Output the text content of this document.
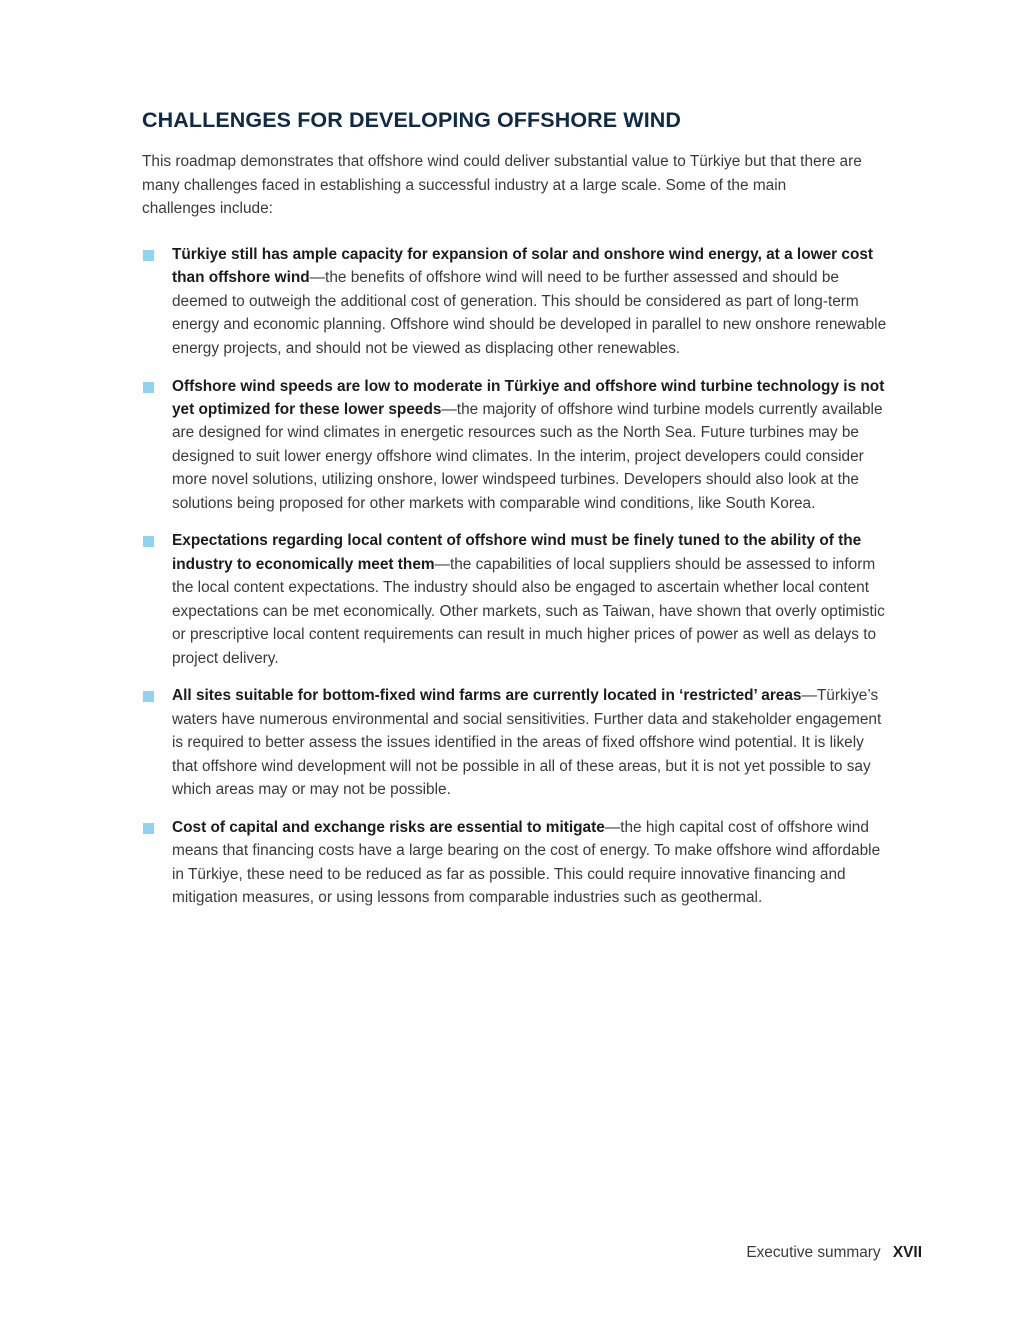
CHALLENGES FOR DEVELOPING OFFSHORE WIND

This roadmap demonstrates that offshore wind could deliver substantial value to Türkiye but that there are many challenges faced in establishing a successful industry at a large scale. Some of the main challenges include:

Türkiye still has ample capacity for expansion of solar and onshore wind energy, at a lower cost than offshore wind—the benefits of offshore wind will need to be further assessed and should be deemed to outweigh the additional cost of generation. This should be considered as part of long-term energy and economic planning. Offshore wind should be developed in parallel to new onshore renewable energy projects, and should not be viewed as displacing other renewables.
Offshore wind speeds are low to moderate in Türkiye and offshore wind turbine technology is not yet optimized for these lower speeds—the majority of offshore wind turbine models currently available are designed for wind climates in energetic resources such as the North Sea. Future turbines may be designed to suit lower energy offshore wind climates. In the interim, project developers could consider more novel solutions, utilizing onshore, lower windspeed turbines. Developers should also look at the solutions being proposed for other markets with comparable wind conditions, like South Korea.
Expectations regarding local content of offshore wind must be finely tuned to the ability of the industry to economically meet them—the capabilities of local suppliers should be assessed to inform the local content expectations. The industry should also be engaged to ascertain whether local content expectations can be met economically. Other markets, such as Taiwan, have shown that overly optimistic or prescriptive local content requirements can result in much higher prices of power as well as delays to project delivery.
All sites suitable for bottom-fixed wind farms are currently located in ‘restricted’ areas—Türkiye’s waters have numerous environmental and social sensitivities. Further data and stakeholder engagement is required to better assess the issues identified in the areas of fixed offshore wind potential. It is likely that offshore wind development will not be possible in all of these areas, but it is not yet possible to say which areas may or may not be possible.
Cost of capital and exchange risks are essential to mitigate—the high capital cost of offshore wind means that financing costs have a large bearing on the cost of energy. To make offshore wind affordable in Türkiye, these need to be reduced as far as possible. This could require innovative financing and mitigation measures, or using lessons from comparable industries such as geothermal.
Executive summary XVII
